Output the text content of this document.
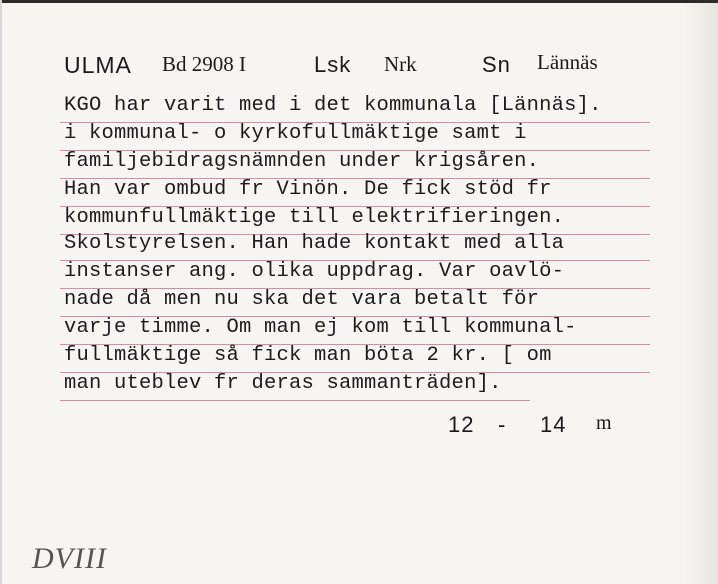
ULMA Bd 2908 I	Lsk Nrk	Sn Lännäs
KGO har varit med i det kommunala [Lännäs].
i kommunal- o kyrkofullmäktige samt i
familjebidragsnämnden under krigsåren.
Han var ombud fr Vinön. De fick stöd fr
kommunfullmäktige till elektrifieringen.
Skolstyrelsen. Han hade kontakt med alla
instanser ang. olika uppdrag. Var oavlö-
nade då men nu ska det vara betalt för
varje timme. Om man ej kom till kommunal-
fullmäktige så fick man böta 2 kr. [ om
man uteblev fr deras sammanträden].
12 - 14 m
DVIII
